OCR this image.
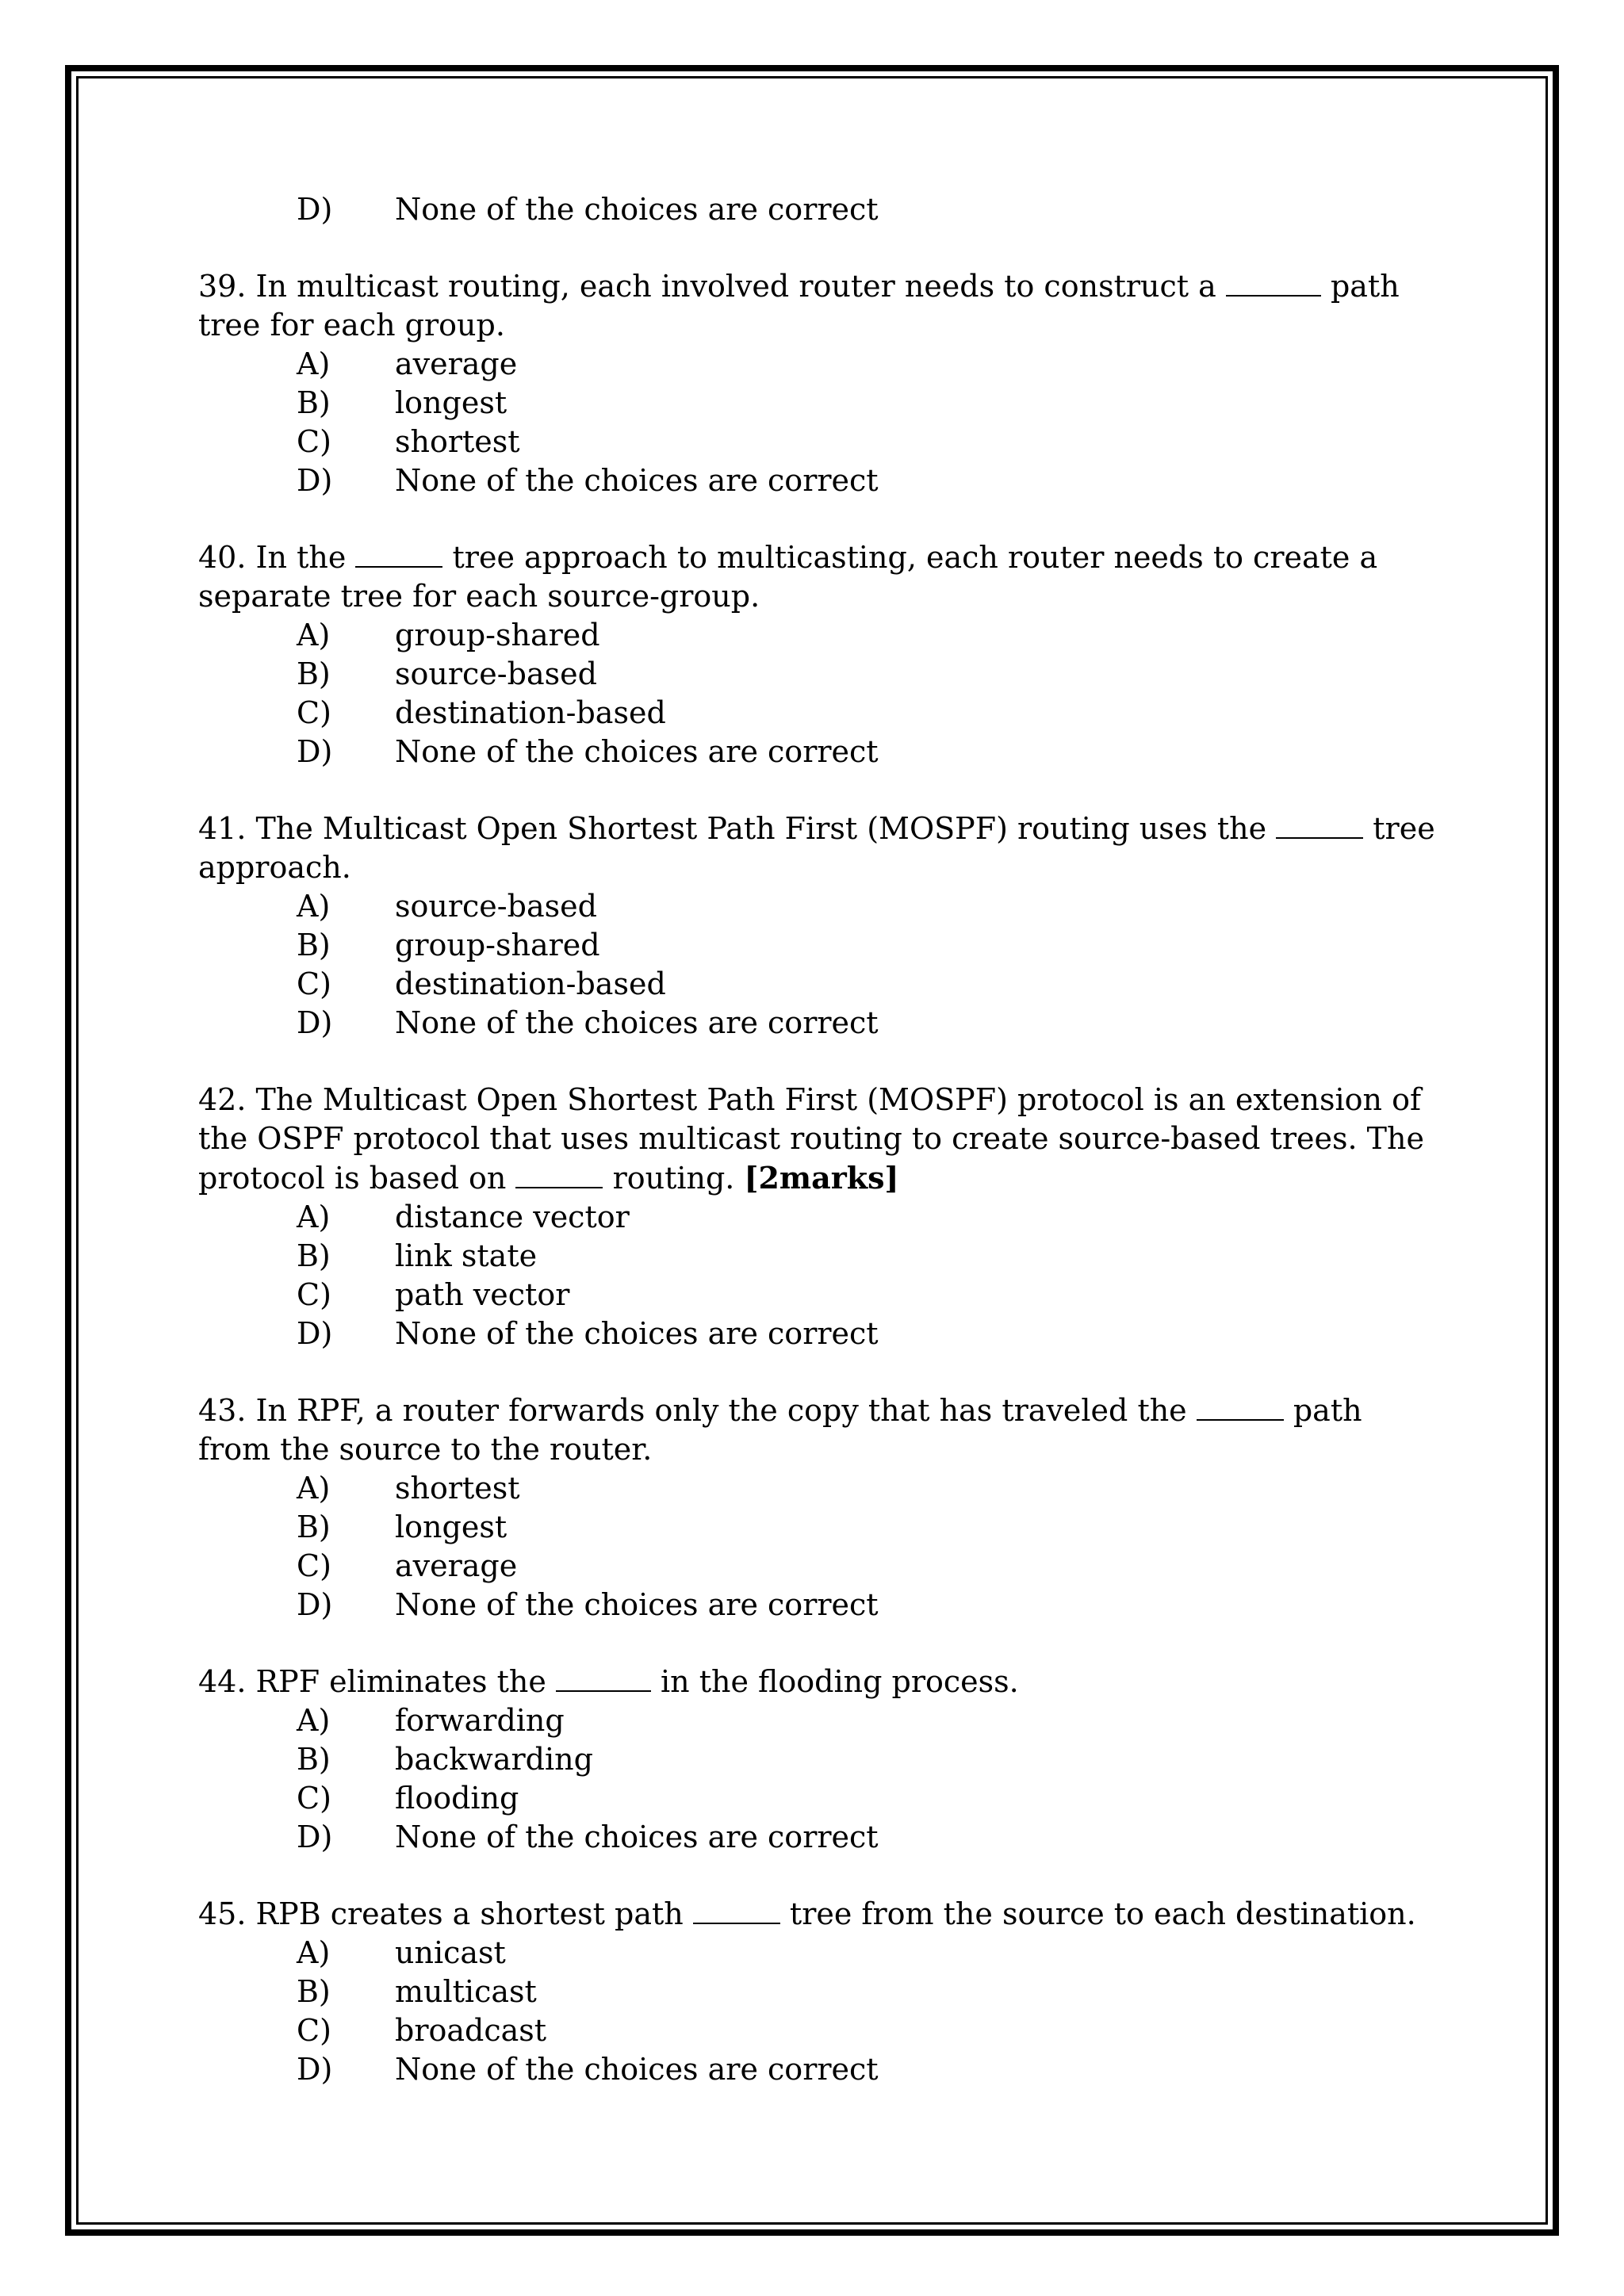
D)	None of the choices are correct

39. In multicast routing, each involved router needs to construct a	path tree for each group.

A)	average
B)	longest
C)	shortest
D)	None of the choices are correct

40. In the	tree approach to multicasting, each router needs to create a separate tree for each source-group.

A)	group-shared
B)	source-based
C)	destination-based
D)	None of the choices are correct

41. The Multicast Open Shortest Path First (MOSPF) routing uses the	tree approach.

A)	source-based
B)	group-shared
C)	destination-based
D)	None of the choices are correct

42. The Multicast Open Shortest Path First (MOSPF) protocol is an extension of the OSPF protocol that uses multicast routing to create source-based trees. The protocol is based on	routing. [2marks]

A)	distance vector
B)	link state
C)	path vector
D)	None of the choices are correct

43. In RPF, a router forwards only the copy that has traveled the	path from the source to the router.

A)	shortest
B)	longest
C)	average
D)	None of the choices are correct

44. RPF eliminates the	in the flooding process.

A)	forwarding
B)	backwarding
C)	flooding
D)	None of the choices are correct

45. RPB creates a shortest path	tree from the source to each destination.

A)	unicast
B)	multicast
C)	broadcast
D)	None of the choices are correct
